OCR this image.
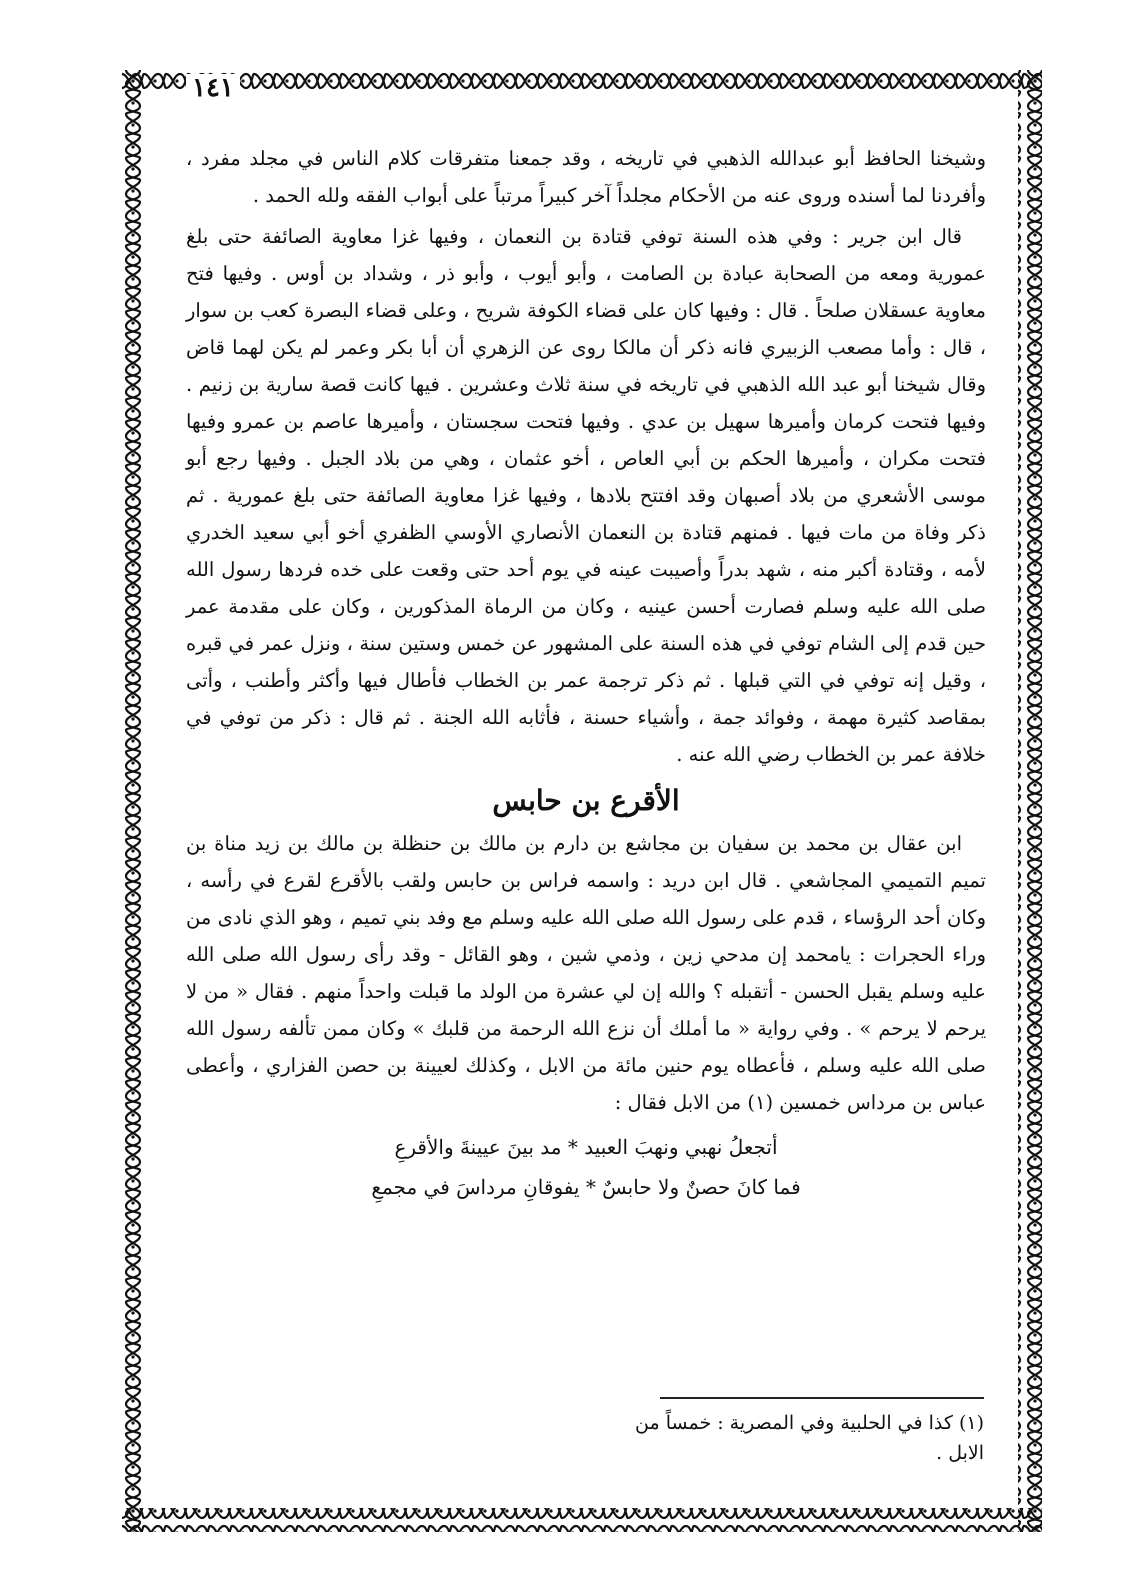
١٤١

وشيخنا الحافظ أبو عبدالله الذهبي في تاريخه ، وقد جمعنا متفرقات كلام الناس في مجلد مفرد ، وأفردنا لما أسنده وروى عنه من الأحكام مجلداً آخر كبيراً مرتباً على أبواب الفقه ولله الحمد .

قال ابن جرير : وفي هذه السنة توفي قتادة بن النعمان ، وفيها غزا معاوية الصائفة حتى بلغ عمورية ومعه من الصحابة عبادة بن الصامت ، وأبو أيوب ، وأبو ذر ، وشداد بن أوس . وفيها فتح معاوية عسقلان صلحاً . قال : وفيها كان على قضاء الكوفة شريح ، وعلى قضاء البصرة كعب بن سوار ، قال : وأما مصعب الزبيري فانه ذكر أن مالكا روى عن الزهري أن أبا بكر وعمر لم يكن لهما قاض وقال شيخنا أبو عبد الله الذهبي في تاريخه في سنة ثلاث وعشرين . فيها كانت قصة سارية بن زنيم . وفيها فتحت كرمان وأميرها سهيل بن عدي . وفيها فتحت سجستان ، وأميرها عاصم بن عمرو وفيها فتحت مكران ، وأميرها الحكم بن أبي العاص ، أخو عثمان ، وهي من بلاد الجبل . وفيها رجع أبو موسى الأشعري من بلاد أصبهان وقد افتتح بلادها ، وفيها غزا معاوية الصائفة حتى بلغ عمورية . ثم ذكر وفاة من مات فيها . فمنهم قتادة بن النعمان الأنصاري الأوسي الظفري أخو أبي سعيد الخدري لأمه ، وقتادة أكبر منه ، شهد بدراً وأصيبت عينه في يوم أحد حتى وقعت على خده فردها رسول الله صلى الله عليه وسلم فصارت أحسن عينيه ، وكان من الرماة المذكورين ، وكان على مقدمة عمر حين قدم إلى الشام توفي في هذه السنة على المشهور عن خمس وستين سنة ، ونزل عمر في قبره ، وقيل إنه توفي في التي قبلها . ثم ذكر ترجمة عمر بن الخطاب فأطال فيها وأكثر وأطنب ، وأتى بمقاصد كثيرة مهمة ، وفوائد جمة ، وأشياء حسنة ، فأثابه الله الجنة . ثم قال : ذكر من توفي في خلافة عمر بن الخطاب رضي الله عنه .

الأقرع بن حابس

ابن عقال بن محمد بن سفيان بن مجاشع بن دارم بن مالك بن حنظلة بن مالك بن زيد مناة بن تميم التميمي المجاشعي . قال ابن دريد : واسمه فراس بن حابس ولقب بالأقرع لقرع في رأسه ، وكان أحد الرؤساء ، قدم على رسول الله صلى الله عليه وسلم مع وفد بني تميم ، وهو الذي نادى من وراء الحجرات : يامحمد إن مدحي زين ، وذمي شين ، وهو القائل - وقد رأى رسول الله صلى الله عليه وسلم يقبل الحسن - أتقبله ؟ والله إن لي عشرة من الولد ما قبلت واحداً منهم . فقال « من لا يرحم لا يرحم » . وفي رواية « ما أملك أن نزع الله الرحمة من قلبك » وكان ممن تألفه رسول الله صلى الله عليه وسلم ، فأعطاه يوم حنين مائة من الابل ، وكذلك لعيينة بن حصن الفزاري ، وأعطى عباس بن مرداس خمسين (١) من الابل فقال :

أتجعلُ نهبي ونهبَ العبيد * مد بينَ عيينةَ والأقرعِ
فما كانَ حصنٌ ولا حابسٌ * يفوقانِ مرداسَ في مجمعِ
(١) كذا في الحلبية وفي المصرية : خمساً من الابل .
